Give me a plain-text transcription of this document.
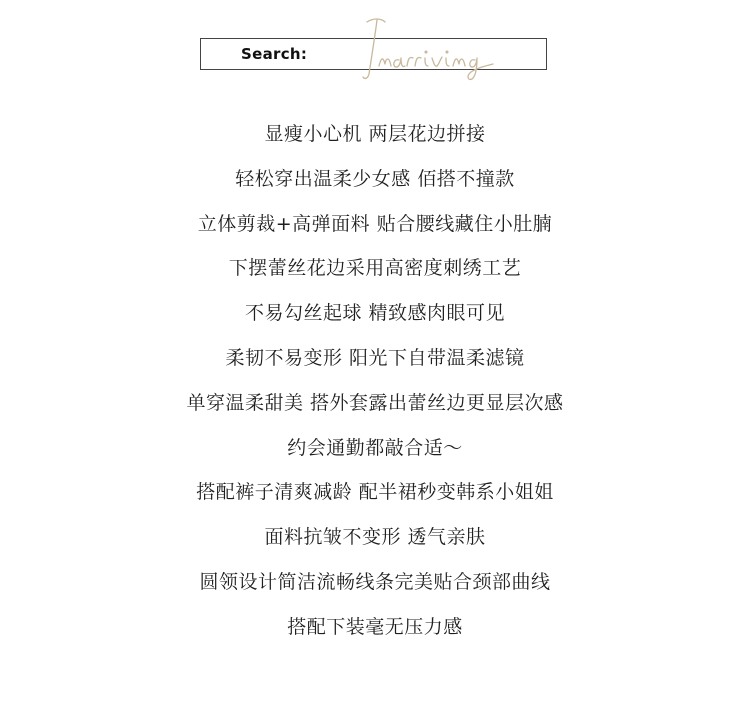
Search:
显瘦小心机 两层花边拼接
轻松穿出温柔少女感 佰搭不撞款
立体剪裁+高弹面料 贴合腰线藏住小肚腩
下摆蕾丝花边采用高密度刺绣工艺
不易勾丝起球 精致感肉眼可见
柔韧不易变形 阳光下自带温柔滤镜
单穿温柔甜美 搭外套露出蕾丝边更显层次感
约会通勤都敲合适～
搭配裤子清爽减龄 配半裙秒变韩系小姐姐
面料抗皱不变形 透气亲肤
圆领设计简洁流畅线条完美贴合颈部曲线
搭配下装毫无压力感
